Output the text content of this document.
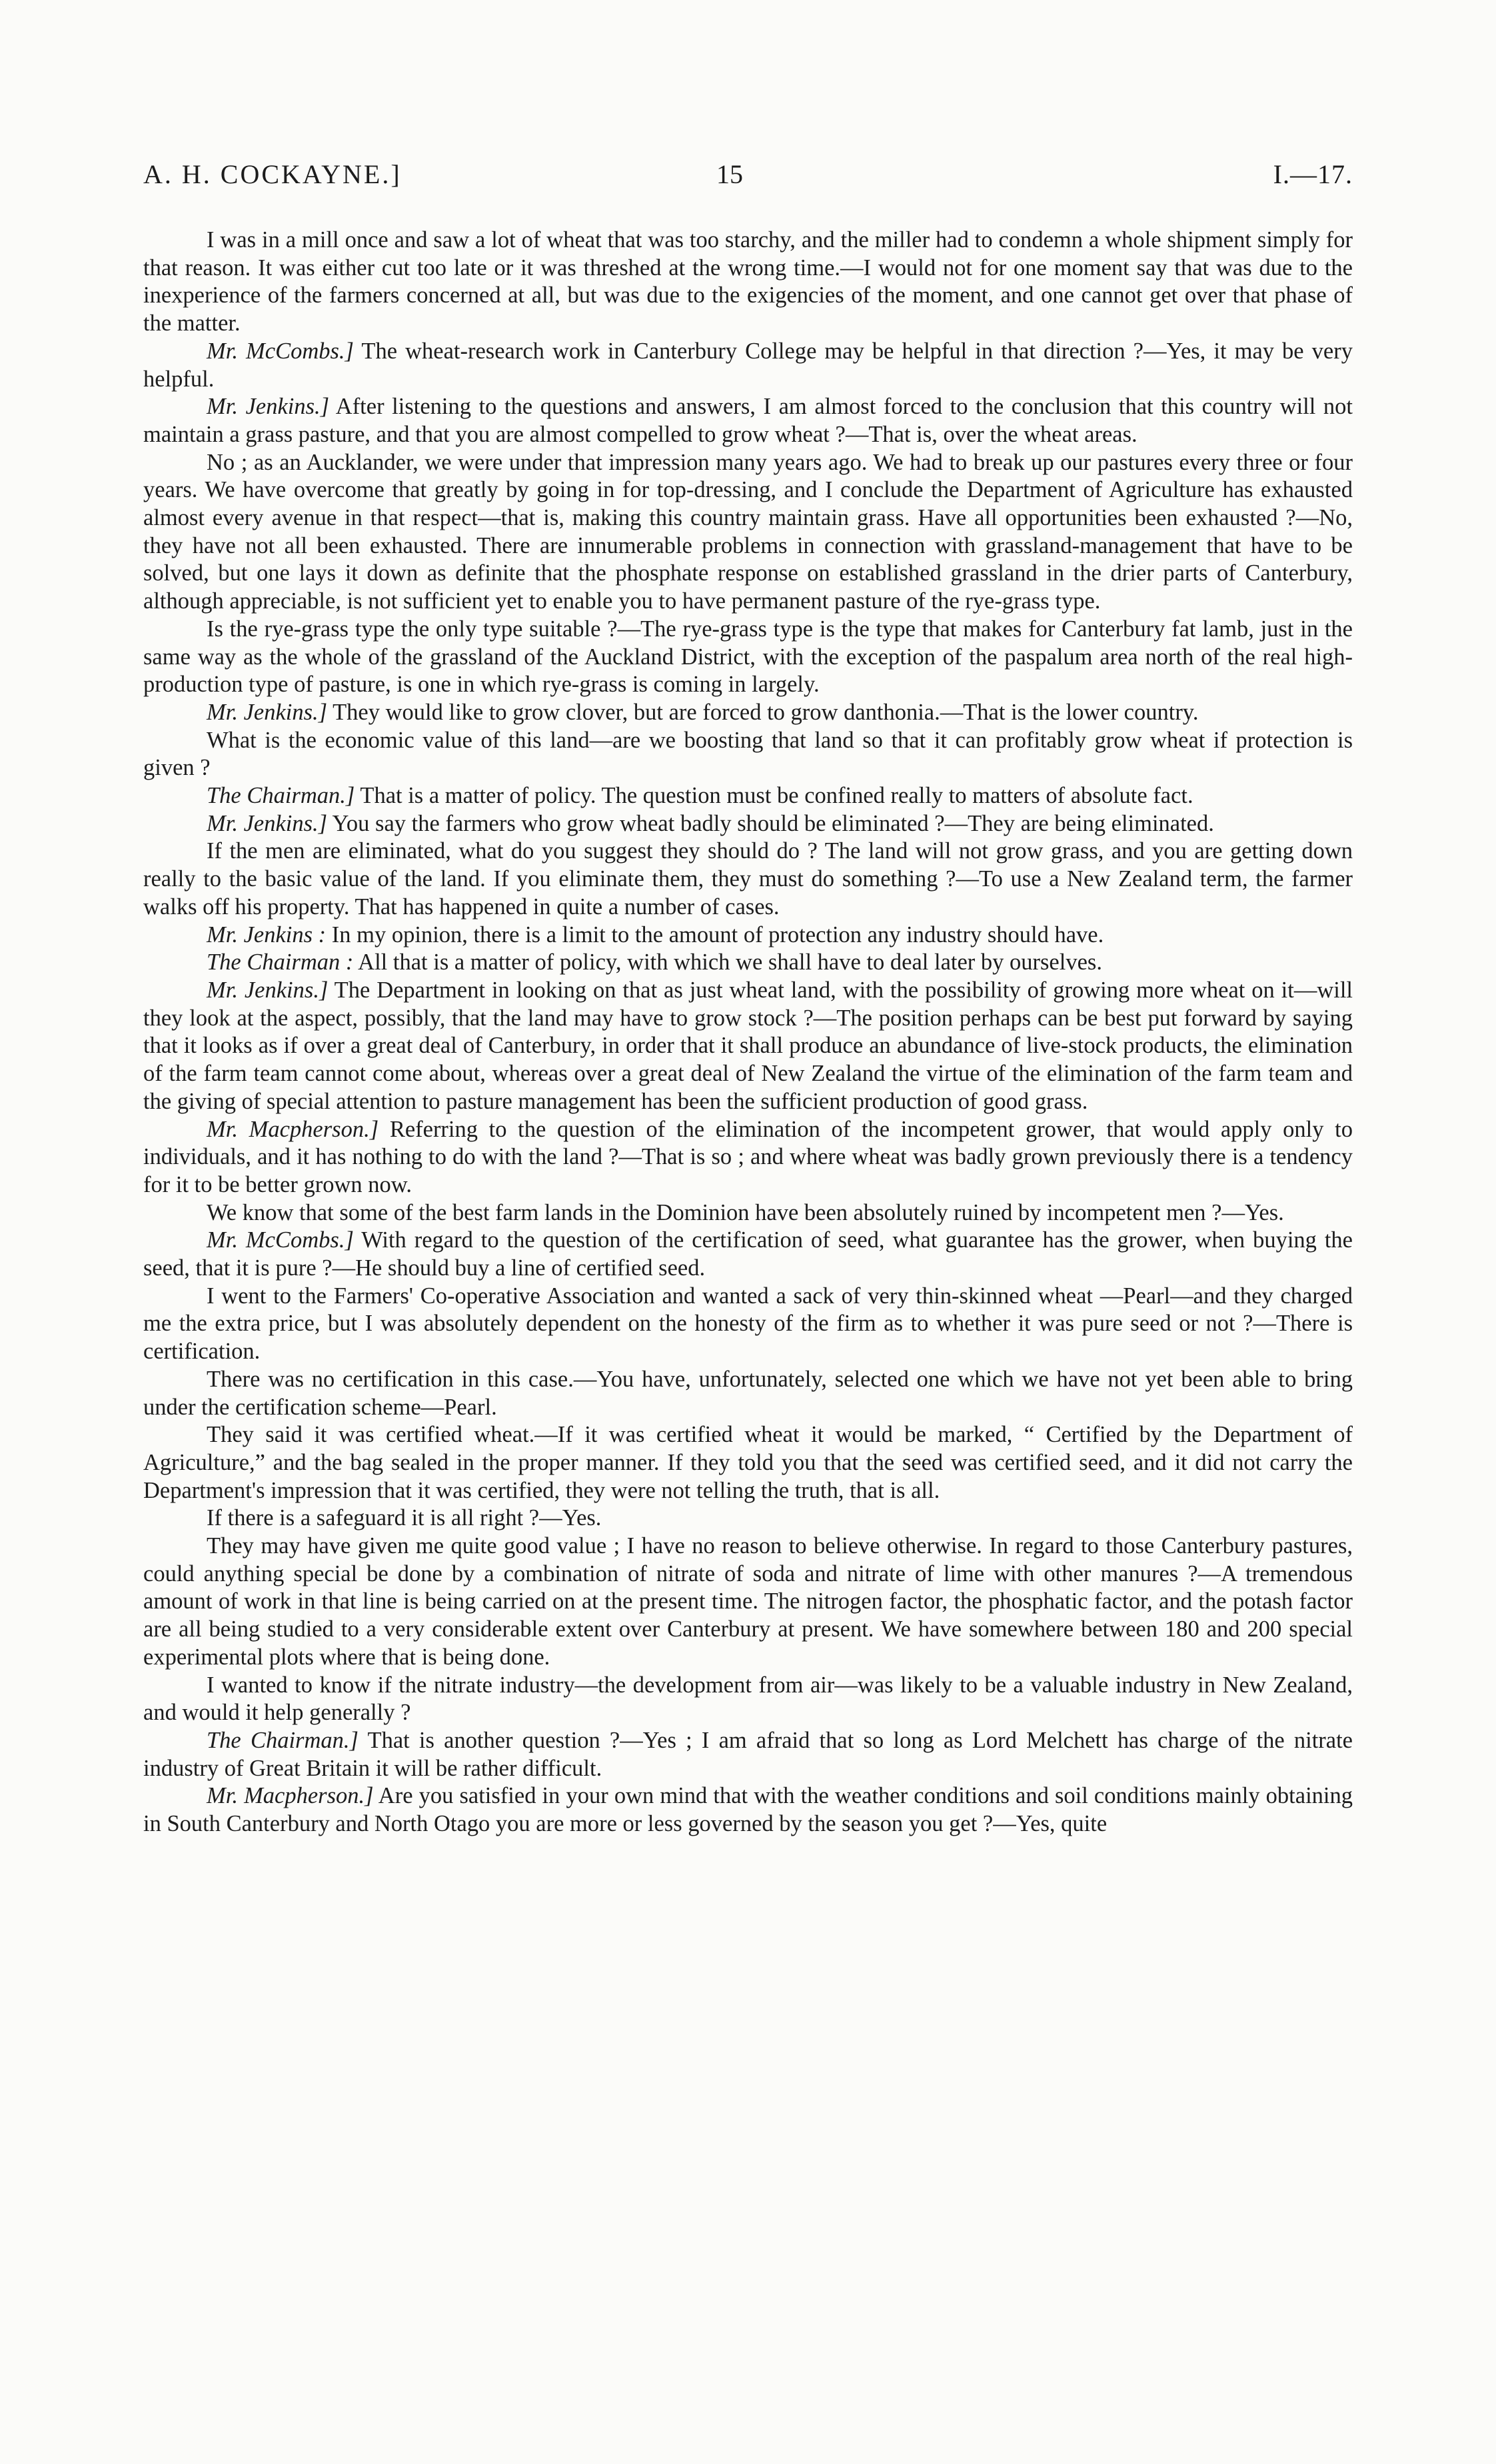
A. H. COCKAYNE.]	15	I.—17.

I was in a mill once and saw a lot of wheat that was too starchy, and the miller had to condemn a whole shipment simply for that reason. It was either cut too late or it was threshed at the wrong time.—I would not for one moment say that was due to the inexperience of the farmers concerned at all, but was due to the exigencies of the moment, and one cannot get over that phase of the matter.

Mr. McCombs.] The wheat-research work in Canterbury College may be helpful in that direction ?—Yes, it may be very helpful.

Mr. Jenkins.] After listening to the questions and answers, I am almost forced to the conclusion that this country will not maintain a grass pasture, and that you are almost compelled to grow wheat ?—That is, over the wheat areas.

No ; as an Aucklander, we were under that impression many years ago. We had to break up our pastures every three or four years. We have overcome that greatly by going in for top-dressing, and I conclude the Department of Agriculture has exhausted almost every avenue in that respect—that is, making this country maintain grass. Have all opportunities been exhausted ?—No, they have not all been exhausted. There are innumerable problems in connection with grassland-management that have to be solved, but one lays it down as definite that the phosphate response on established grassland in the drier parts of Canterbury, although appreciable, is not sufficient yet to enable you to have permanent pasture of the rye-grass type.

Is the rye-grass type the only type suitable ?—The rye-grass type is the type that makes for Canterbury fat lamb, just in the same way as the whole of the grassland of the Auckland District, with the exception of the paspalum area north of the real high-production type of pasture, is one in which rye-grass is coming in largely.

Mr. Jenkins.] They would like to grow clover, but are forced to grow danthonia.—That is the lower country.

What is the economic value of this land—are we boosting that land so that it can profitably grow wheat if protection is given ?

The Chairman.] That is a matter of policy. The question must be confined really to matters of absolute fact.

Mr. Jenkins.] You say the farmers who grow wheat badly should be eliminated ?—They are being eliminated.

If the men are eliminated, what do you suggest they should do ? The land will not grow grass, and you are getting down really to the basic value of the land. If you eliminate them, they must do something ?—To use a New Zealand term, the farmer walks off his property. That has happened in quite a number of cases.

Mr. Jenkins : In my opinion, there is a limit to the amount of protection any industry should have.

The Chairman : All that is a matter of policy, with which we shall have to deal later by ourselves.

Mr. Jenkins.] The Department in looking on that as just wheat land, with the possibility of growing more wheat on it—will they look at the aspect, possibly, that the land may have to grow stock ?—The position perhaps can be best put forward by saying that it looks as if over a great deal of Canterbury, in order that it shall produce an abundance of live-stock products, the elimination of the farm team cannot come about, whereas over a great deal of New Zealand the virtue of the elimination of the farm team and the giving of special attention to pasture management has been the sufficient production of good grass.

Mr. Macpherson.] Referring to the question of the elimination of the incompetent grower, that would apply only to individuals, and it has nothing to do with the land ?—That is so ; and where wheat was badly grown previously there is a tendency for it to be better grown now.

We know that some of the best farm lands in the Dominion have been absolutely ruined by incompetent men ?—Yes.

Mr. McCombs.] With regard to the question of the certification of seed, what guarantee has the grower, when buying the seed, that it is pure ?—He should buy a line of certified seed.

I went to the Farmers' Co-operative Association and wanted a sack of very thin-skinned wheat —Pearl—and they charged me the extra price, but I was absolutely dependent on the honesty of the firm as to whether it was pure seed or not ?—There is certification.

There was no certification in this case.—You have, unfortunately, selected one which we have not yet been able to bring under the certification scheme—Pearl.

They said it was certified wheat.—If it was certified wheat it would be marked, “ Certified by the Department of Agriculture,” and the bag sealed in the proper manner. If they told you that the seed was certified seed, and it did not carry the Department's impression that it was certified, they were not telling the truth, that is all.

If there is a safeguard it is all right ?—Yes.

They may have given me quite good value ; I have no reason to believe otherwise. In regard to those Canterbury pastures, could anything special be done by a combination of nitrate of soda and nitrate of lime with other manures ?—A tremendous amount of work in that line is being carried on at the present time. The nitrogen factor, the phosphatic factor, and the potash factor are all being studied to a very considerable extent over Canterbury at present. We have somewhere between 180 and 200 special experimental plots where that is being done.

I wanted to know if the nitrate industry—the development from air—was likely to be a valuable industry in New Zealand, and would it help generally ?

The Chairman.] That is another question ?—Yes ; I am afraid that so long as Lord Melchett has charge of the nitrate industry of Great Britain it will be rather difficult.

Mr. Macpherson.] Are you satisfied in your own mind that with the weather conditions and soil conditions mainly obtaining in South Canterbury and North Otago you are more or less governed by the season you get ?—Yes, quite
